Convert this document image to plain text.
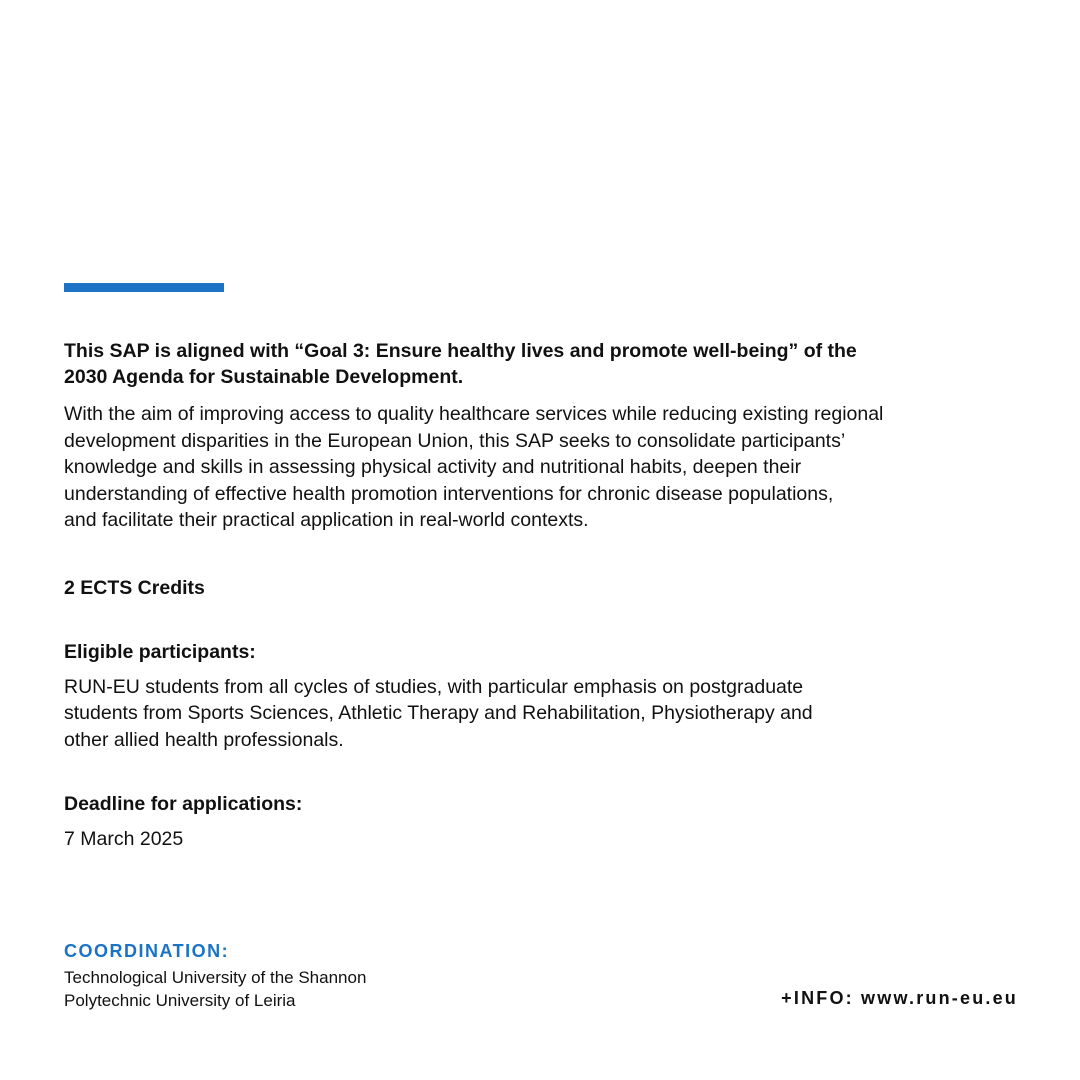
This SAP is aligned with “Goal 3: Ensure healthy lives and promote well-being” of the
2030 Agenda for Sustainable Development.

With the aim of improving access to quality healthcare services while reducing existing regional
development disparities in the European Union, this SAP seeks to consolidate participants’
knowledge and skills in assessing physical activity and nutritional habits, deepen their
understanding of effective health promotion interventions for chronic disease populations,
and facilitate their practical application in real-world contexts.

2 ECTS Credits

Eligible participants:

RUN-EU students from all cycles of studies, with particular emphasis on postgraduate
students from Sports Sciences, Athletic Therapy and Rehabilitation, Physiotherapy and
other allied health professionals.

Deadline for applications:

7 March 2025

COORDINATION:
Technological University of the Shannon
Polytechnic University of Leiria	+INFO: www.run-eu.eu
